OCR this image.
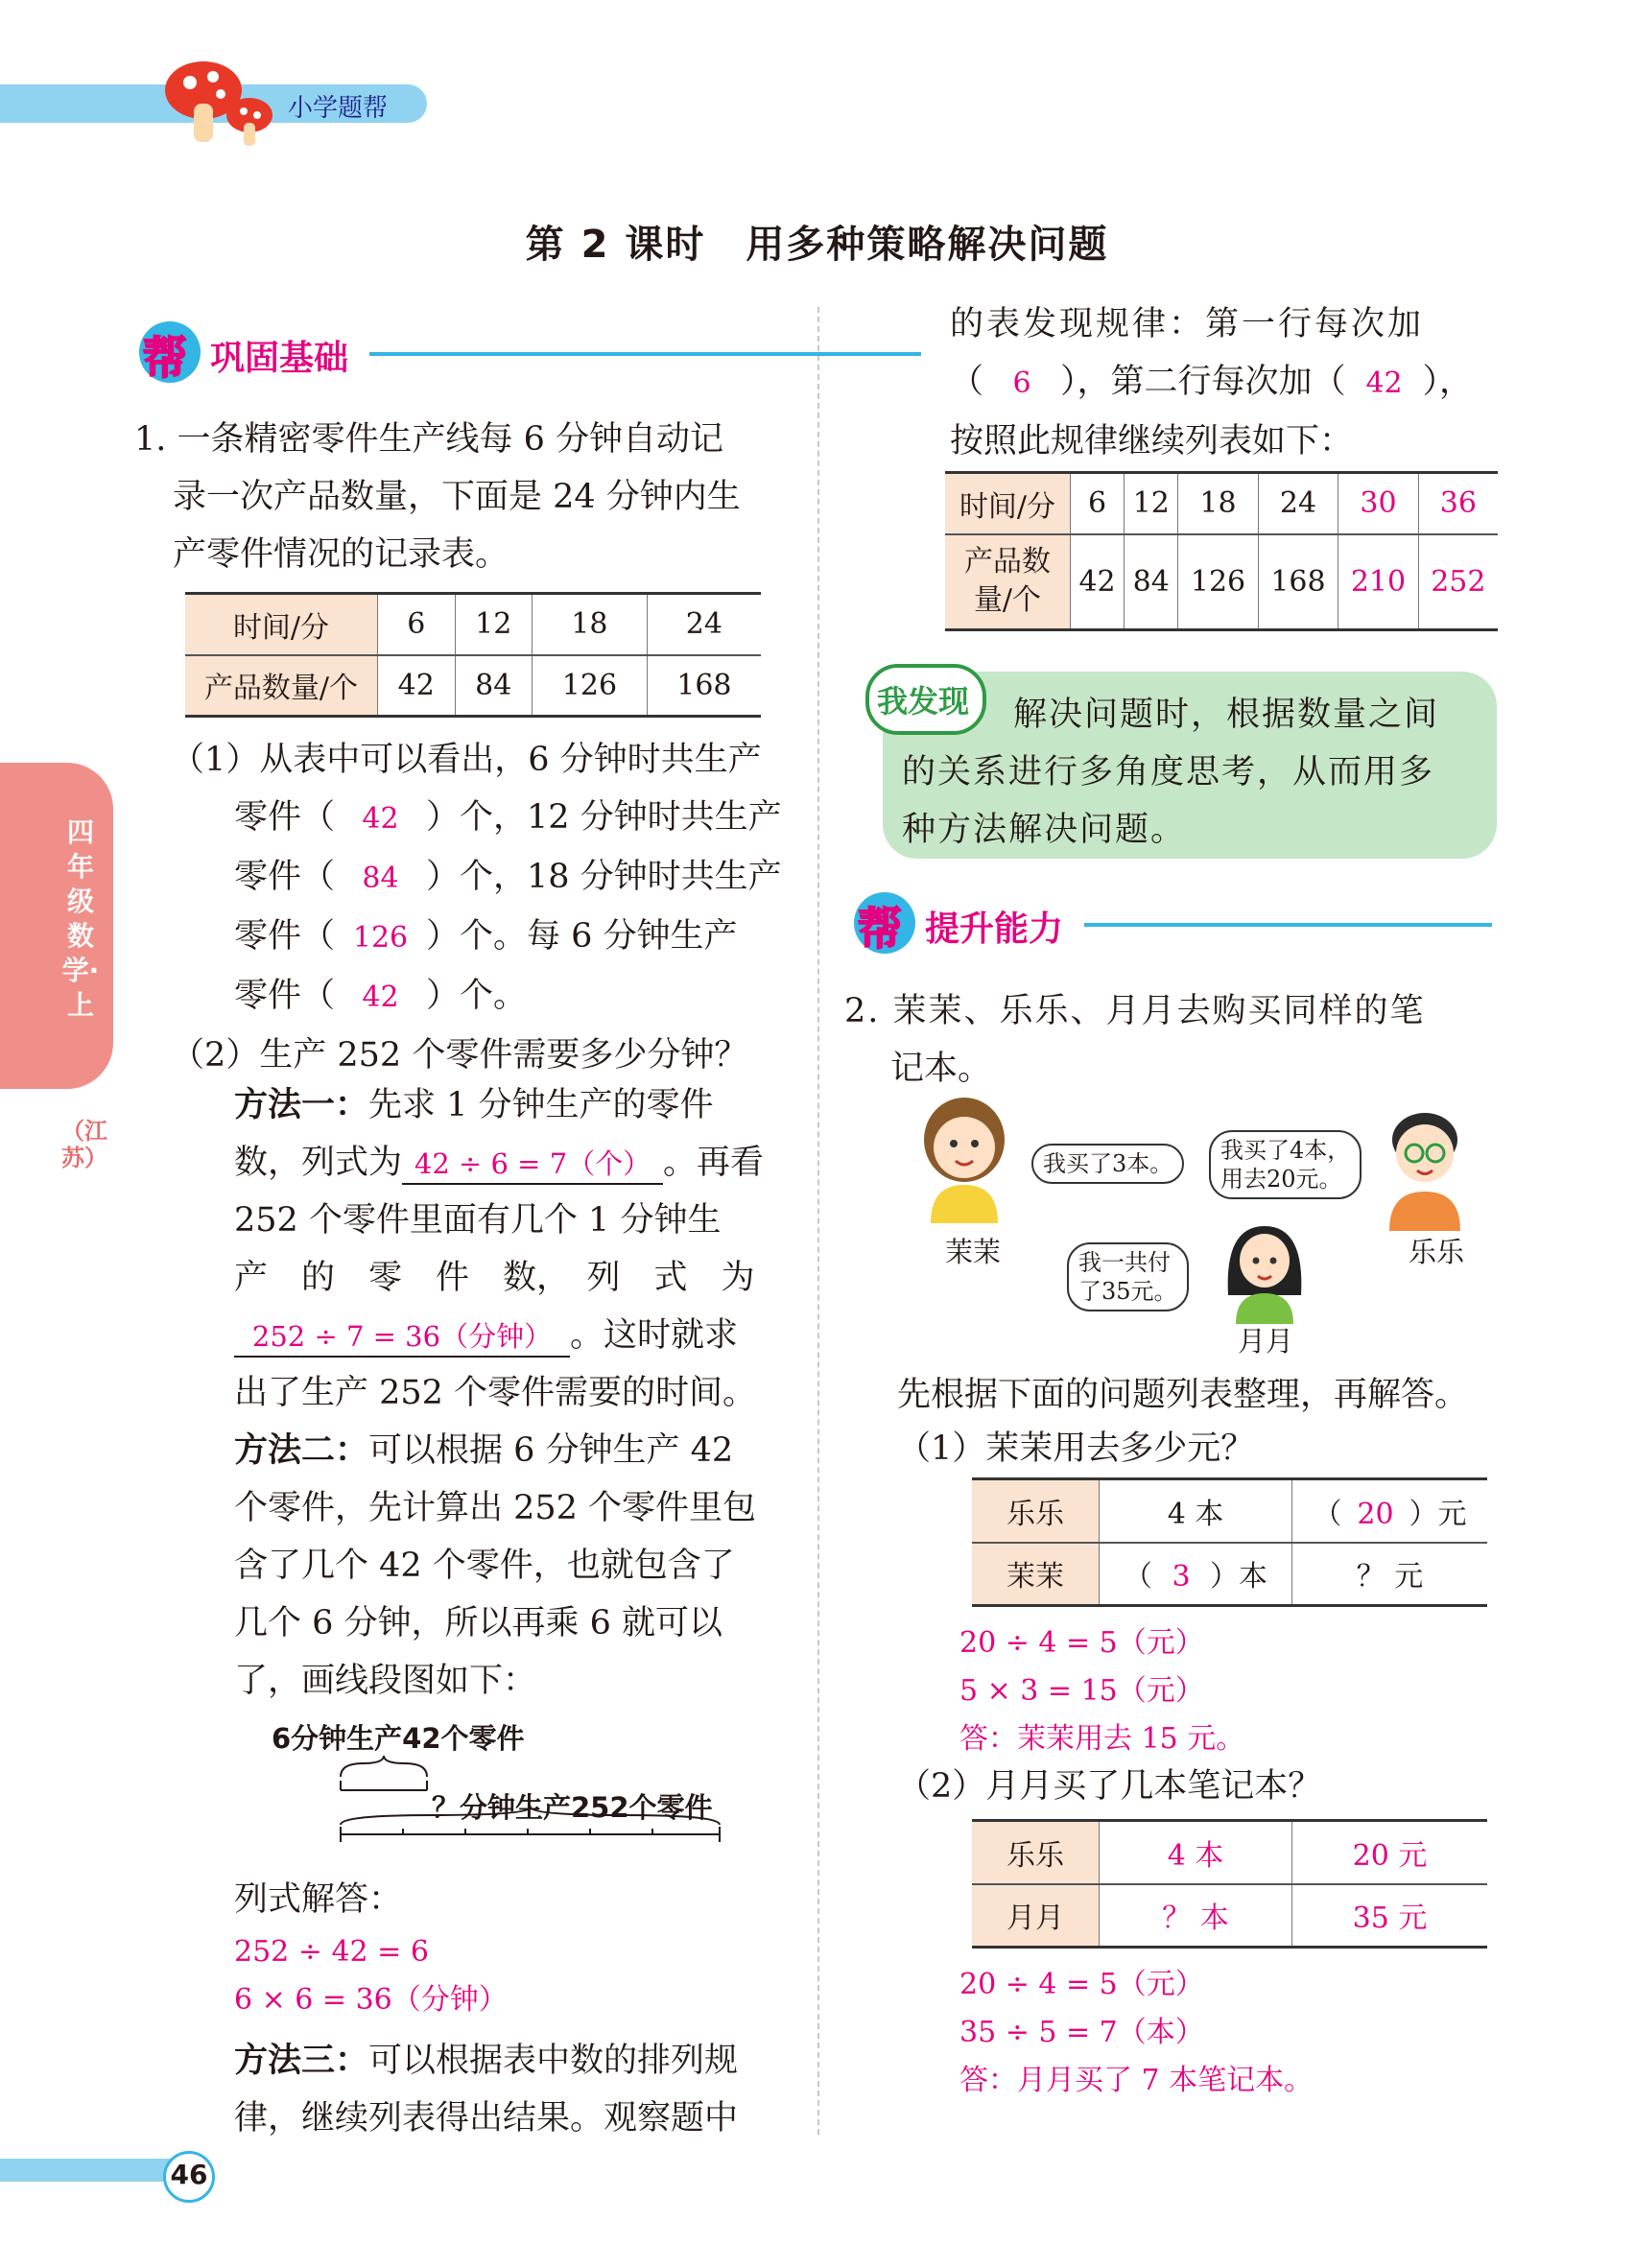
小学题帮
第 2 课时　用多种策略解决问题
四年级数学·上
（江苏）
帮 巩固基础
1. 一条精密零件生产线每 6 分钟自动记
录一次产品数量，下面是 24 分钟内生
产零件情况的记录表。
时间/分	6	12	18	24
产品数量/个	42	84	126	168
（1）从表中可以看出，6 分钟时共生产
零件（ 42 ）个，12 分钟时共生产
零件（ 84 ）个，18 分钟时共生产
零件（ 126 ）个。每 6 分钟生产
零件（ 42 ）个。
（2）生产 252 个零件需要多少分钟？
方法一：先求 1 分钟生产的零件
数，列式为 42 ÷ 6 = 7（个） 。再看
252 个零件里面有几个 1 分钟生
产　的　零　件　数，　列　式　为
252 ÷ 7 = 36（分钟） 。这时就求
出了生产 252 个零件需要的时间。
方法二：可以根据 6 分钟生产 42
个零件，先计算出 252 个零件里包
含了几个 42 个零件，也就包含了
几个 6 分钟，所以再乘 6 就可以
了，画线段图如下：
6分钟生产42个零件
？分钟生产252个零件
列式解答：
252 ÷ 42 = 6
6 × 6 = 36（分钟）
方法三：可以根据表中数的排列规
律，继续列表得出结果。观察题中
的表发现规律：第一行每次加
（ 6 ），第二行每次加（ 42 ），
按照此规律继续列表如下：
时间/分	6	12	18	24	30	36
产品数量/个	42	84	126	168	210	252
我发现	解决问题时，根据数量之间
的关系进行多角度思考，从而用多
种方法解决问题。
帮 提升能力
2. 茉茉、乐乐、月月去购买同样的笔
记本。
我买了3本。
茉茉
我买了4本，
用去20元。
乐乐
我一共付
了35元。
月月
先根据下面的问题列表整理，再解答。
（1）茉茉用去多少元？
乐乐	4 本	（ 20 ）元
茉茉	（ 3 ）本	？ 元
20 ÷ 4 = 5（元）
5 × 3 = 15（元）
答：茉茉用去 15 元。
（2）月月买了几本笔记本？
乐乐	4 本	20 元
月月	？ 本	35 元
20 ÷ 4 = 5（元）
35 ÷ 5 = 7（本）
答：月月买了 7 本笔记本。
46
